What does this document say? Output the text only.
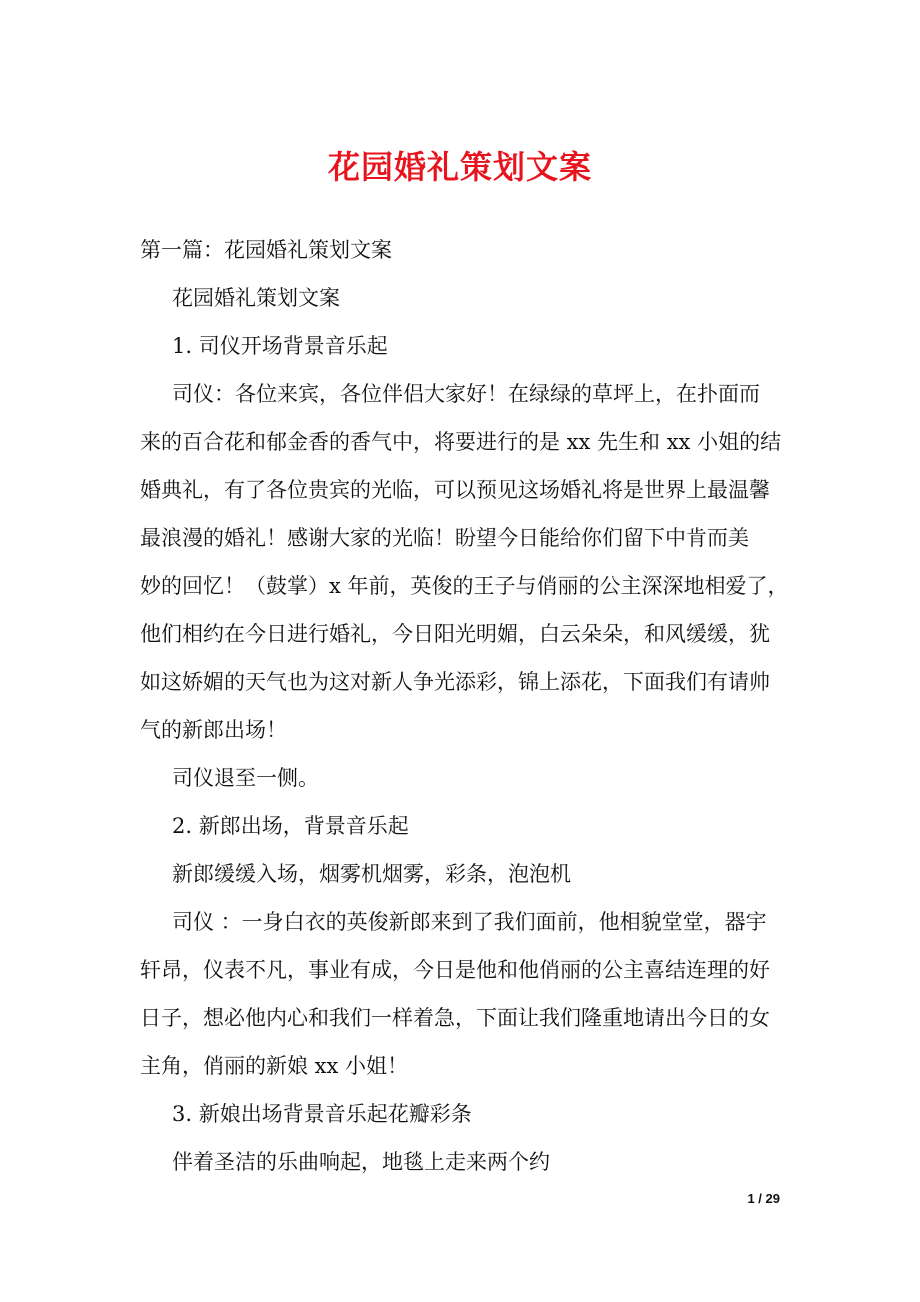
花园婚礼策划文案
第一篇：花园婚礼策划文案
花园婚礼策划文案
1. 司仪开场背景音乐起
司仪：各位来宾，各位伴侣大家好！在绿绿的草坪上，在扑面而
来的百合花和郁金香的香气中，将要进行的是 xx 先生和 xx 小姐的结
婚典礼，有了各位贵宾的光临，可以预见这场婚礼将是世界上最温馨
最浪漫的婚礼！感谢大家的光临！盼望今日能给你们留下中肯而美
妙的回忆！（鼓掌）x 年前，英俊的王子与俏丽的公主深深地相爱了，
他们相约在今日进行婚礼，今日阳光明媚，白云朵朵，和风缓缓，犹
如这娇媚的天气也为这对新人争光添彩，锦上添花，下面我们有请帅
气的新郎出场！
司仪退至一侧。
2. 新郎出场，背景音乐起
新郎缓缓入场，烟雾机烟雾，彩条，泡泡机
司仪 ：一身白衣的英俊新郎来到了我们面前，他相貌堂堂，器宇
轩昂，仪表不凡，事业有成，今日是他和他俏丽的公主喜结连理的好
日子，想必他内心和我们一样着急，下面让我们隆重地请出今日的女
主角，俏丽的新娘 xx 小姐！
3. 新娘出场背景音乐起花瓣彩条
伴着圣洁的乐曲响起，地毯上走来两个约
1 / 29
